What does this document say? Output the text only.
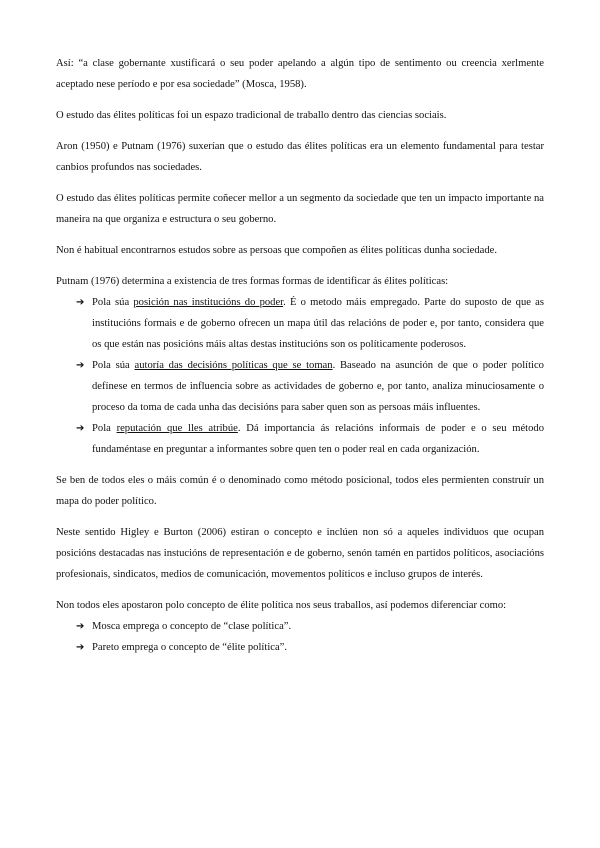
Así: “a clase gobernante xustificará o seu poder apelando a algún tipo de sentimento ou creencia xerlmente aceptado nese período e por esa sociedade” (Mosca, 1958).

O estudo das élites políticas foi un espazo tradicional de traballo dentro das ciencias sociais.

Aron (1950) e Putnam (1976) suxerían que o estudo das élites políticas era un elemento fundamental para testar canbios profundos nas sociedades.

O estudo das élites políticas permite coñecer mellor a un segmento da sociedade que ten un impacto importante na maneira na que organiza e estructura o seu goberno.

Non é habitual encontrarnos estudos sobre as persoas que compoñen as élites políticas dunha sociedade.

Putnam (1976) determina a existencia de tres formas formas de identificar ás élites políticas:

➔ Pola súa posición nas institucións do poder. É o metodo máis empregado. Parte do suposto de que as institucións formais e de goberno ofrecen un mapa útil das relacións de poder e, por tanto, considera que os que están nas posicións máis altas destas institucións son os políticamente poderosos.
➔ Pola súa autoría das decisións políticas que se toman. Baseado na asunción de que o poder político defínese en termos de influencia sobre as actividades de goberno e, por tanto, analiza minuciosamente o proceso da toma de cada unha das decisións para saber quen son as persoas máis influentes.
➔ Pola reputación que lles atribúe. Dá importancia ás relacións informais de poder e o seu método fundaméntase en preguntar a informantes sobre quen ten o poder real en cada organización.

Se ben de todos eles o máis común é o denominado como método posicional, todos eles permienten construír un mapa do poder político.

Neste sentido Higley e Burton (2006) estiran o concepto e inclúen non só a aqueles individuos que ocupan posicións destacadas nas instucións de representación e de goberno, senón tamén en partidos políticos, asociacións profesionais, sindicatos, medios de comunicación, movementos políticos e incluso grupos de interés.

Non todos eles apostaron polo concepto de élite política nos seus traballos, así podemos diferenciar como:

➔ Mosca emprega o concepto de “clase política”.
➔ Pareto emprega o concepto de “élite política”.
